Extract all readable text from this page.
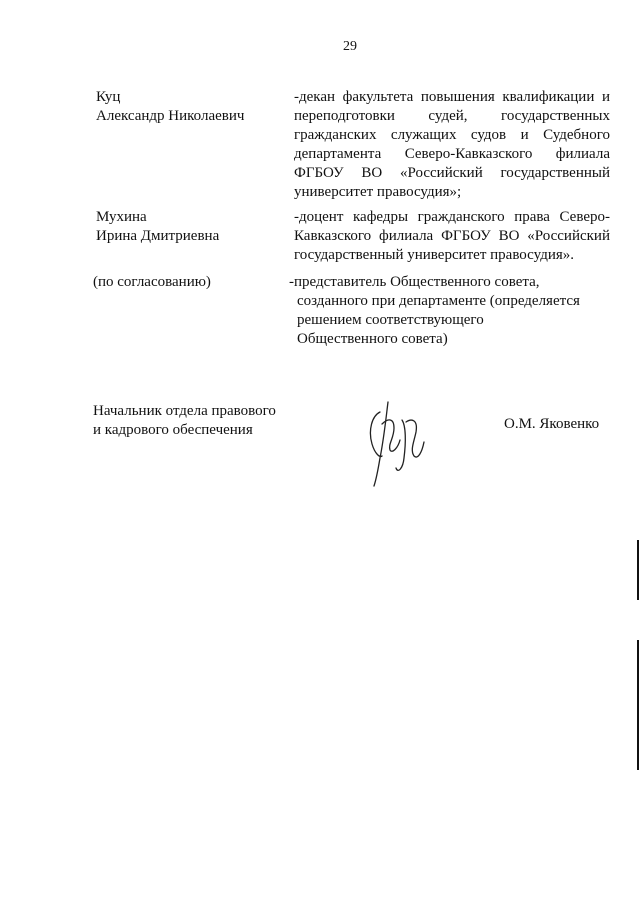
29
Куц
Александр Николаевич
-декан факультета повышения квалификации и переподготовки судей, государственных гражданских служащих судов и Судебного департамента Северо-Кавказского филиала ФГБОУ ВО «Российский государственный университет правосудия»;
Мухина
Ирина Дмитриевна
-доцент кафедры гражданского права Северо-Кавказского филиала ФГБОУ ВО «Российский государственный университет правосудия».
(по согласованию)	-представитель Общественного совета,
созданного при департаменте (определяется
решением соответствующего
Общественного совета)
Начальник отдела правового
и кадрового обеспечения	О.М. Яковенко
